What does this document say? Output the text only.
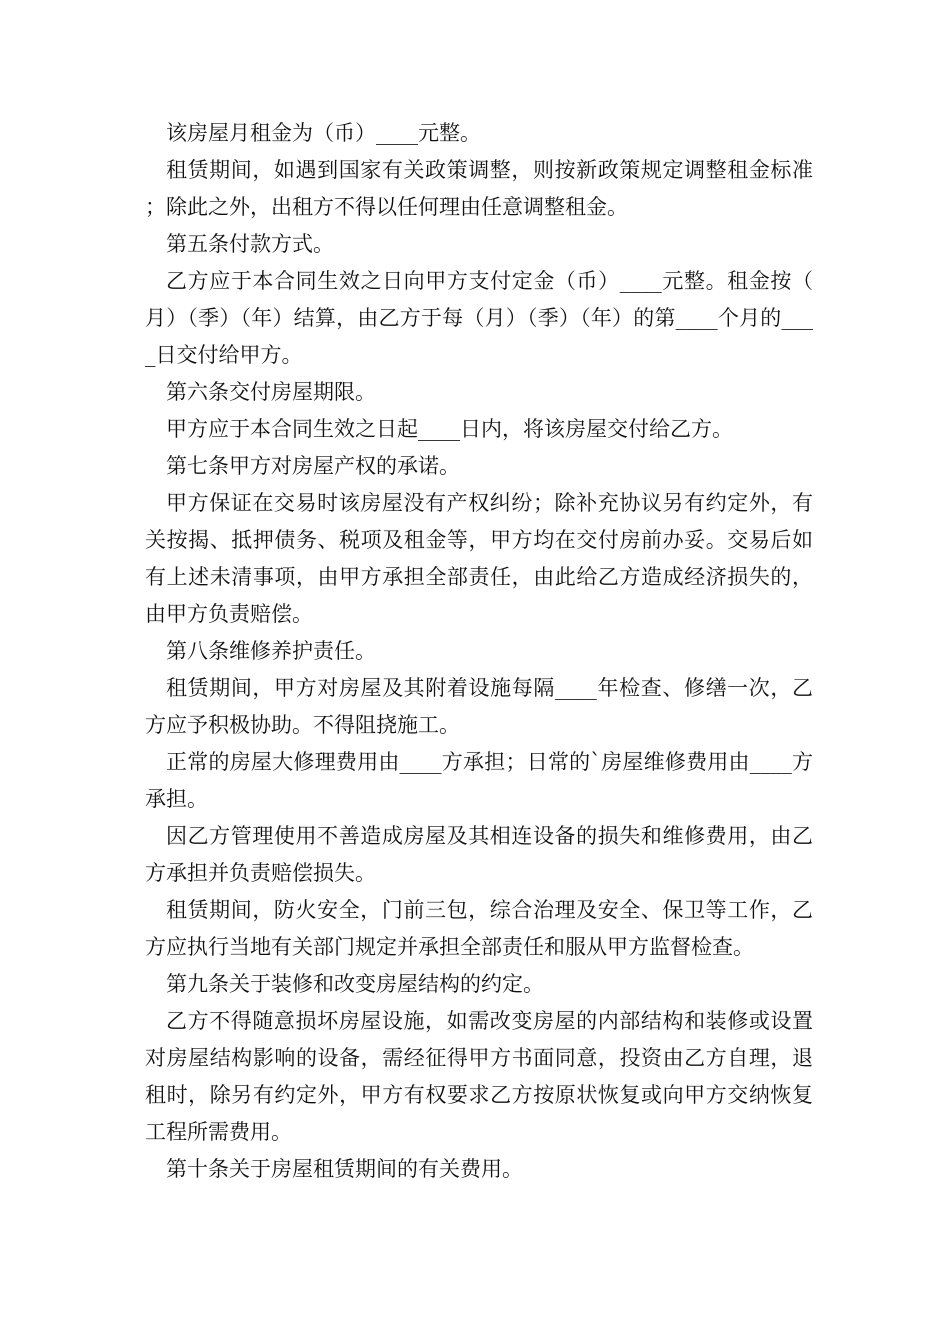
该房屋月租金为（币）____元整。

租赁期间，如遇到国家有关政策调整，则按新政策规定调整租金标准；除此之外，出租方不得以任何理由任意调整租金。

第五条付款方式。

乙方应于本合同生效之日向甲方支付定金（币）____元整。租金按（月）（季）（年）结算，由乙方于每（月）（季）（年）的第____个月的____日交付给甲方。

第六条交付房屋期限。

甲方应于本合同生效之日起____日内，将该房屋交付给乙方。

第七条甲方对房屋产权的承诺。

甲方保证在交易时该房屋没有产权纠纷；除补充协议另有约定外，有关按揭、抵押债务、税项及租金等，甲方均在交付房前办妥。交易后如有上述未清事项，由甲方承担全部责任，由此给乙方造成经济损失的，由甲方负责赔偿。

第八条维修养护责任。

租赁期间，甲方对房屋及其附着设施每隔____年检查、修缮一次，乙方应予积极协助。不得阻挠施工。

正常的房屋大修理费用由____方承担；日常的`房屋维修费用由____方承担。

因乙方管理使用不善造成房屋及其相连设备的损失和维修费用，由乙方承担并负责赔偿损失。

租赁期间，防火安全，门前三包，综合治理及安全、保卫等工作，乙方应执行当地有关部门规定并承担全部责任和服从甲方监督检查。

第九条关于装修和改变房屋结构的约定。

乙方不得随意损坏房屋设施，如需改变房屋的内部结构和装修或设置对房屋结构影响的设备，需经征得甲方书面同意，投资由乙方自理，退租时，除另有约定外，甲方有权要求乙方按原状恢复或向甲方交纳恢复工程所需费用。

第十条关于房屋租赁期间的有关费用。
